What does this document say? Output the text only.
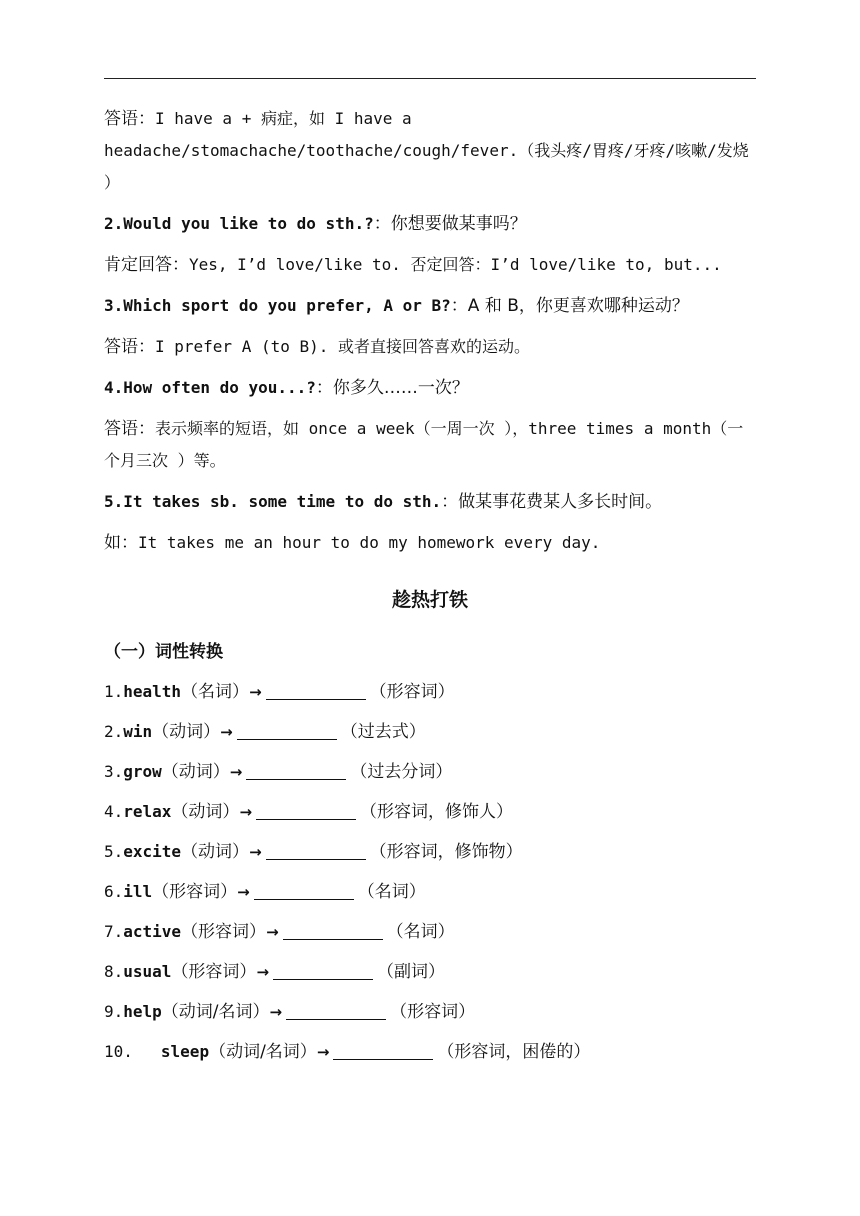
答语：I have a + 病症，如 I have a headache/stomachache/toothache/cough/fever.（我头疼/胃疼/牙疼/咳嗽/发烧 ）

2.Would you like to do sth.?：你想要做某事吗？

肯定回答：Yes, I’d love/like to. 否定回答：I’d love/like to, but...

3.Which sport do you prefer, A or B?：A 和 B，你更喜欢哪种运动？

答语：I prefer A (to B). 或者直接回答喜欢的运动。

4.How often do you...?：你多久……一次？

答语：表示频率的短语，如 once a week（一周一次 ），three times a month（一个月三次 ）等。

5.It takes sb. some time to do sth.：做某事花费某人多长时间。

如：It takes me an hour to do my homework every day.

趁热打铁

（一）词性转换

1.health（名词）→	（形容词）

2.win（动词）→	（过去式）

3.grow（动词）→	（过去分词）

4.relax（动词）→	（形容词，修饰人）

5.excite（动词）→	（形容词，修饰物）

6.ill（形容词）→	（名词）

7.active（形容词）→	（名词）

8.usual（形容词）→	（副词）

9.help（动词/名词）→	（形容词）

10. sleep（动词/名词）→	（形容词，困倦的）
